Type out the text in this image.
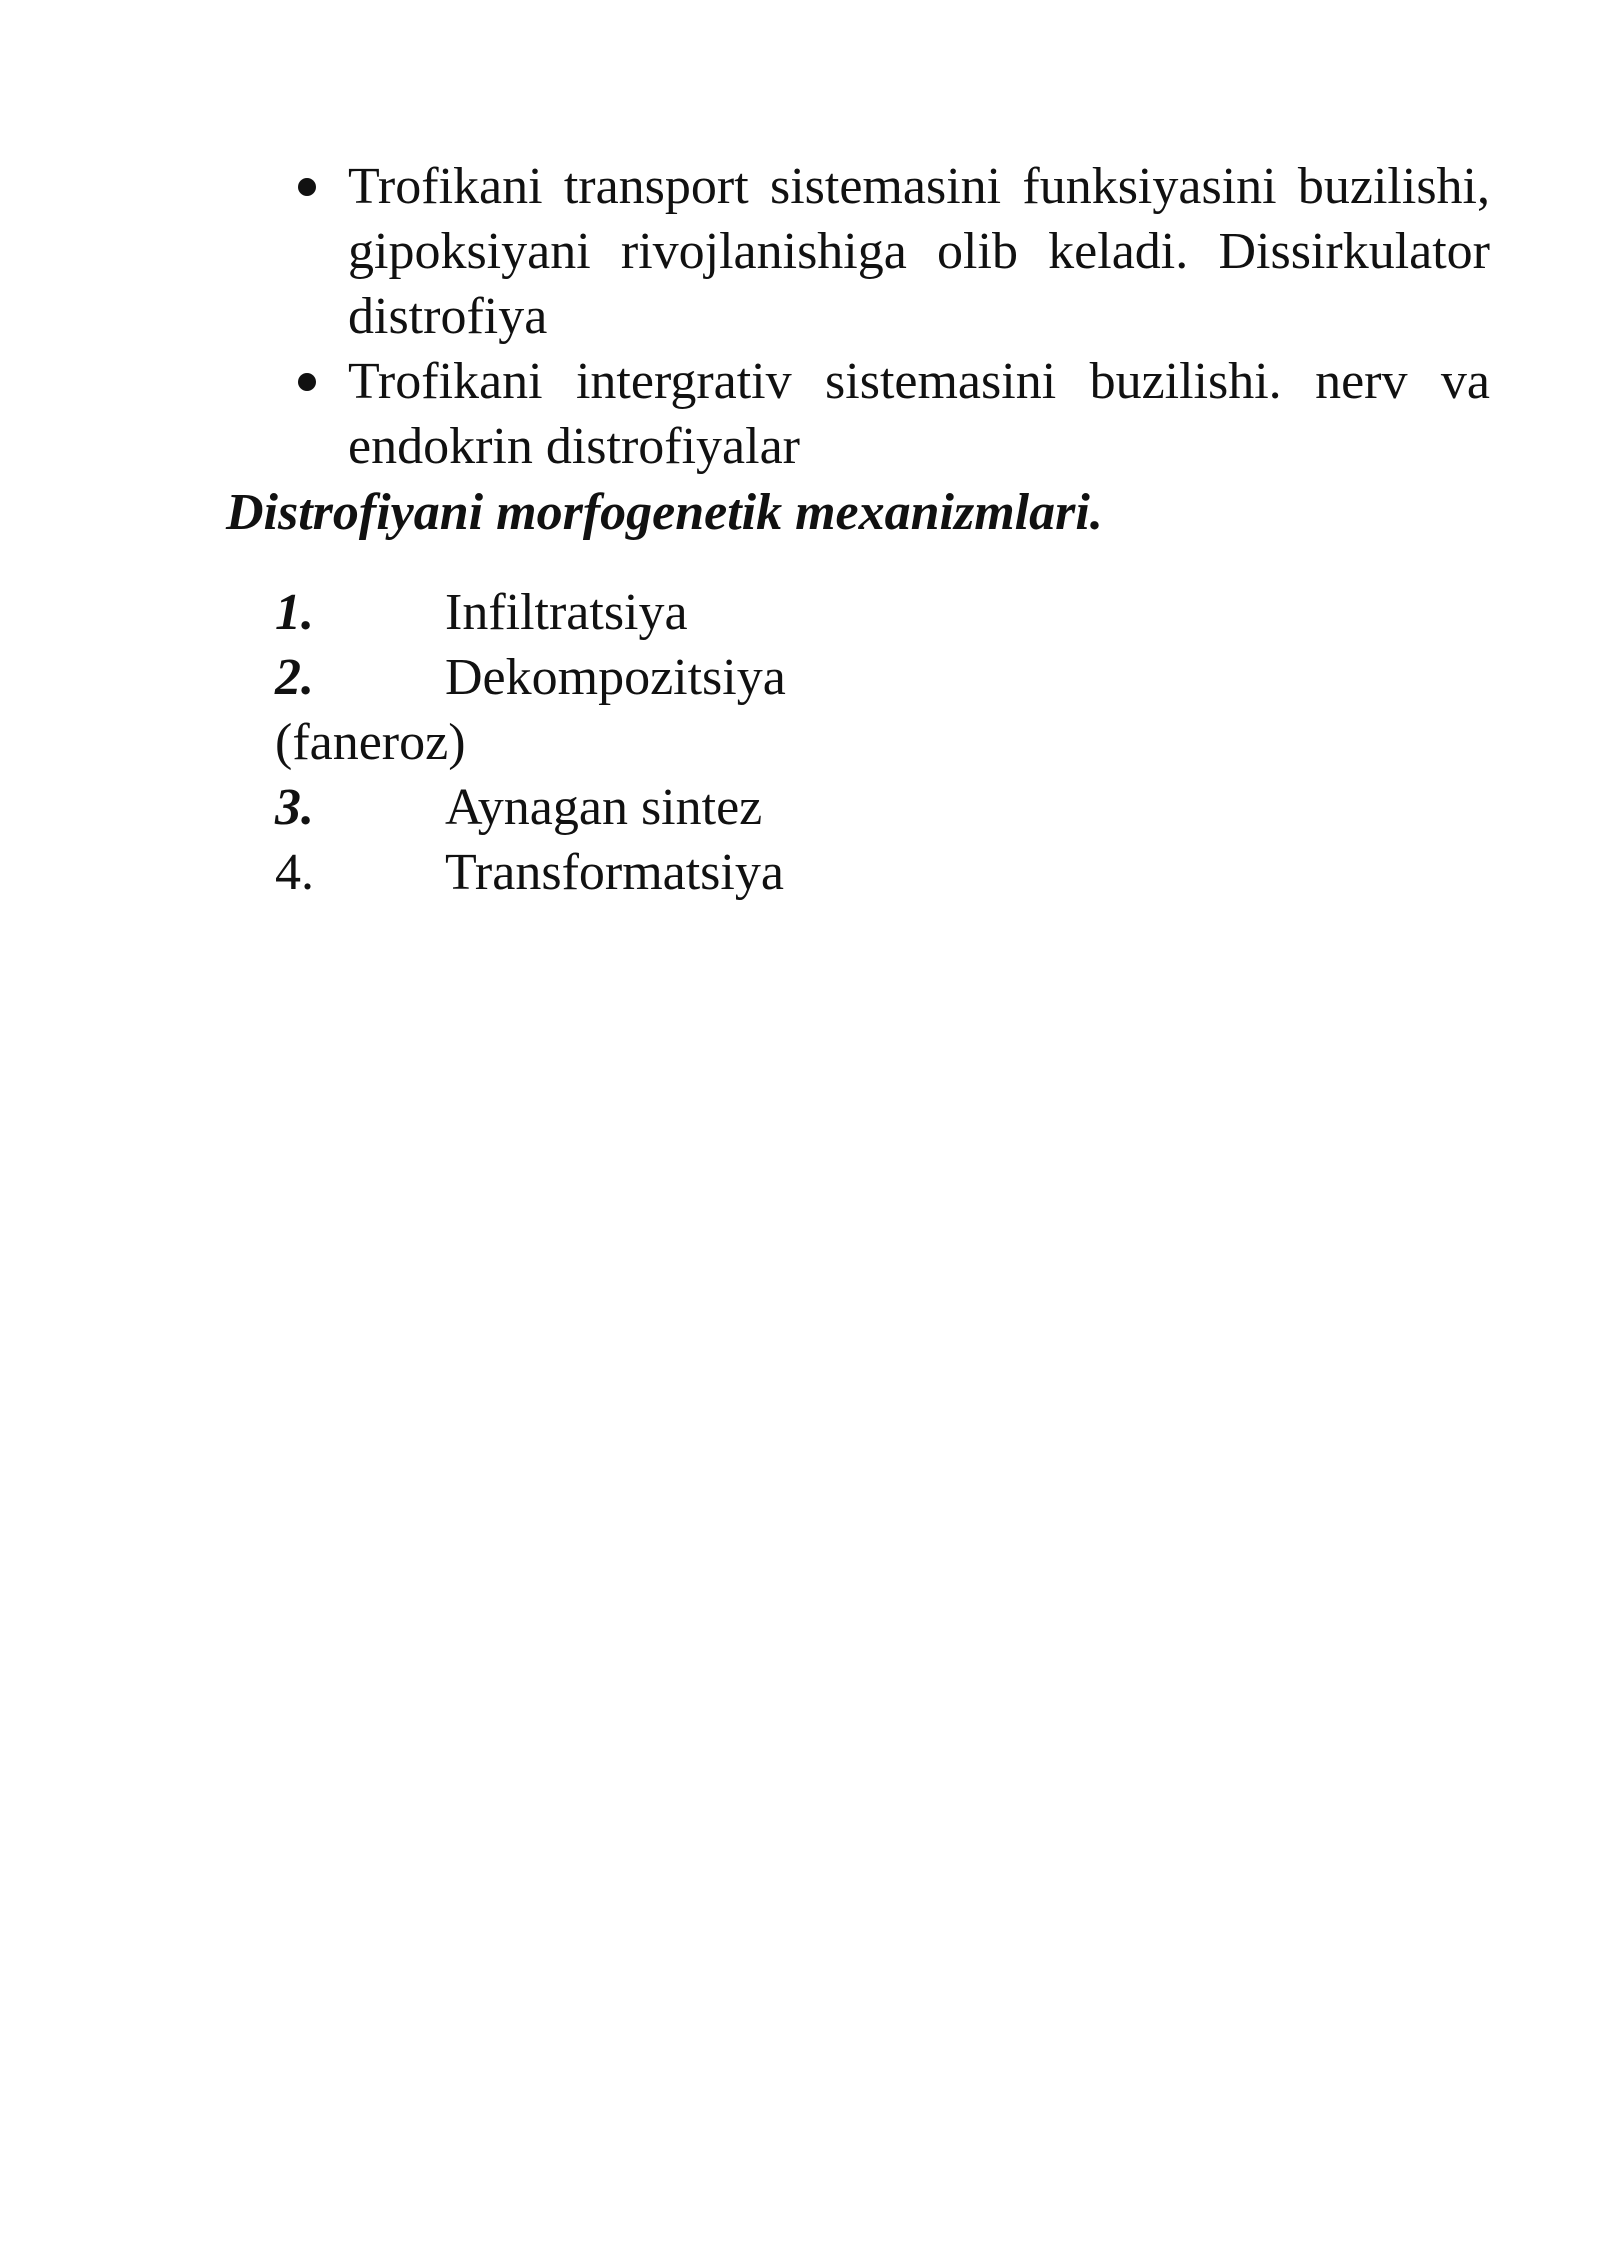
Trofikani transport sistemasini funksiyasini buzilishi, gipoksiyani rivojlanishiga olib keladi. Dissirkulator distrofiya
Trofikani intergrativ sistemasini buzilishi. nerv va endokrin distrofiyalar

Distrofiyani morfogenetik mexanizmlari.

1.	Infiltratsiya
2.	Dekompozitsiya (faneroz)
3.	Aynagan sintez
4.	Transformatsiya
